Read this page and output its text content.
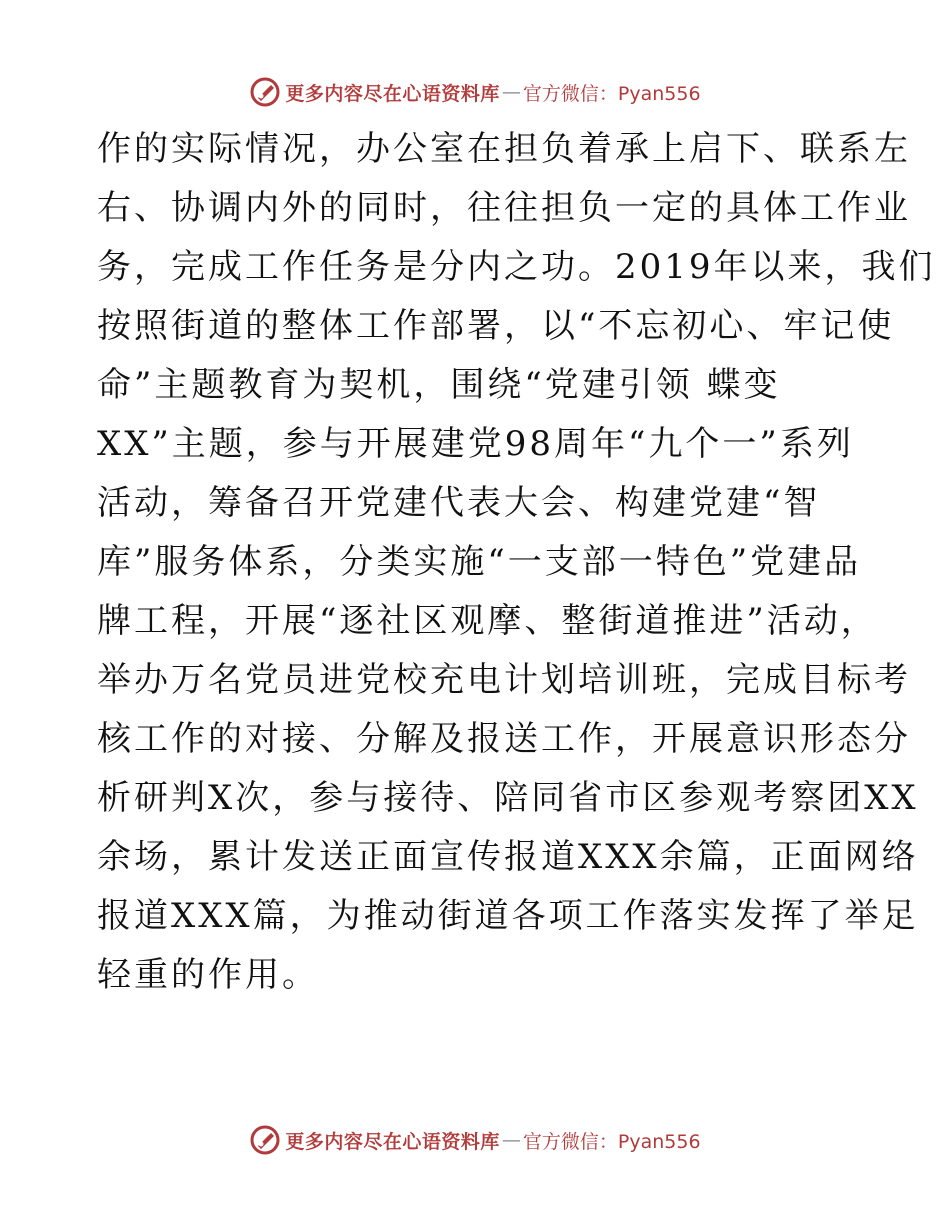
更多内容尽在心语资料库 — 官方微信：Pyan556
作的实际情况，办公室在担负着承上启下、联系左
右、协调内外的同时，往往担负一定的具体工作业
务，完成工作任务是分内之功。2019年以来，我们
按照街道的整体工作部署，以“不忘初心、牢记使
命”主题教育为契机，围绕“党建引领 蝶变
XX”主题，参与开展建党98周年“九个一”系列
活动，筹备召开党建代表大会、构建党建“智
库”服务体系，分类实施“一支部一特色”党建品
牌工程，开展“逐社区观摩、整街道推进”活动，
举办万名党员进党校充电计划培训班，完成目标考
核工作的对接、分解及报送工作，开展意识形态分
析研判X次，参与接待、陪同省市区参观考察团XX
余场，累计发送正面宣传报道XXX余篇，正面网络
报道XXX篇，为推动街道各项工作落实发挥了举足
轻重的作用。
更多内容尽在心语资料库 — 官方微信：Pyan556
